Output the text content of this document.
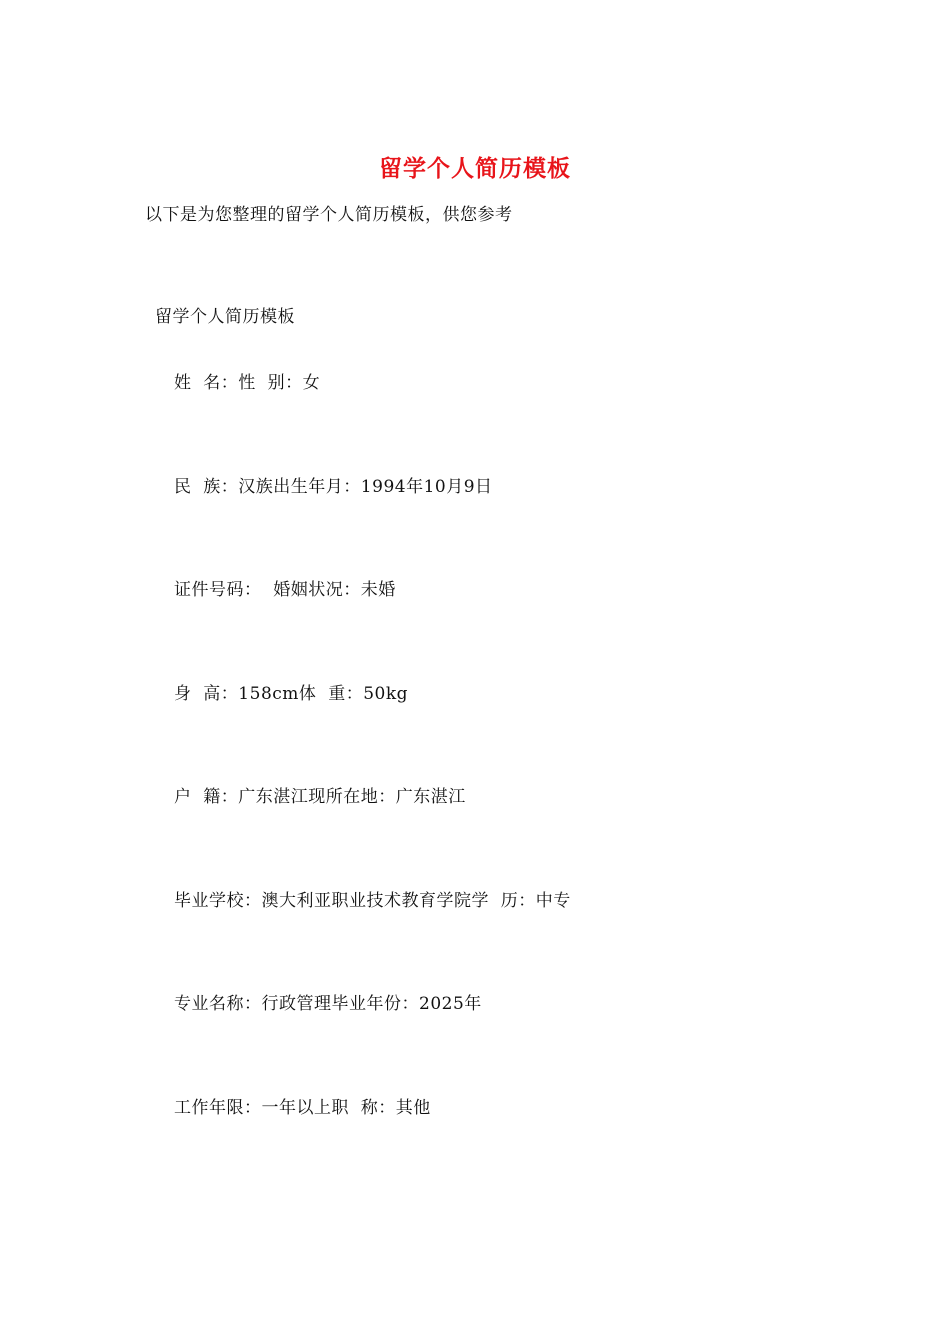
留学个人简历模板
以下是为您整理的留学个人简历模板，供您参考
留学个人简历模板
姓  名：性  别：女
民  族：汉族出生年月：1994年10月9日
证件号码：  婚姻状况：未婚
身  高：158cm体  重：50kg
户  籍：广东湛江现所在地：广东湛江
毕业学校：澳大利亚职业技术教育学院学  历：中专
专业名称：行政管理毕业年份：2025年
工作年限：一年以上职  称：其他
